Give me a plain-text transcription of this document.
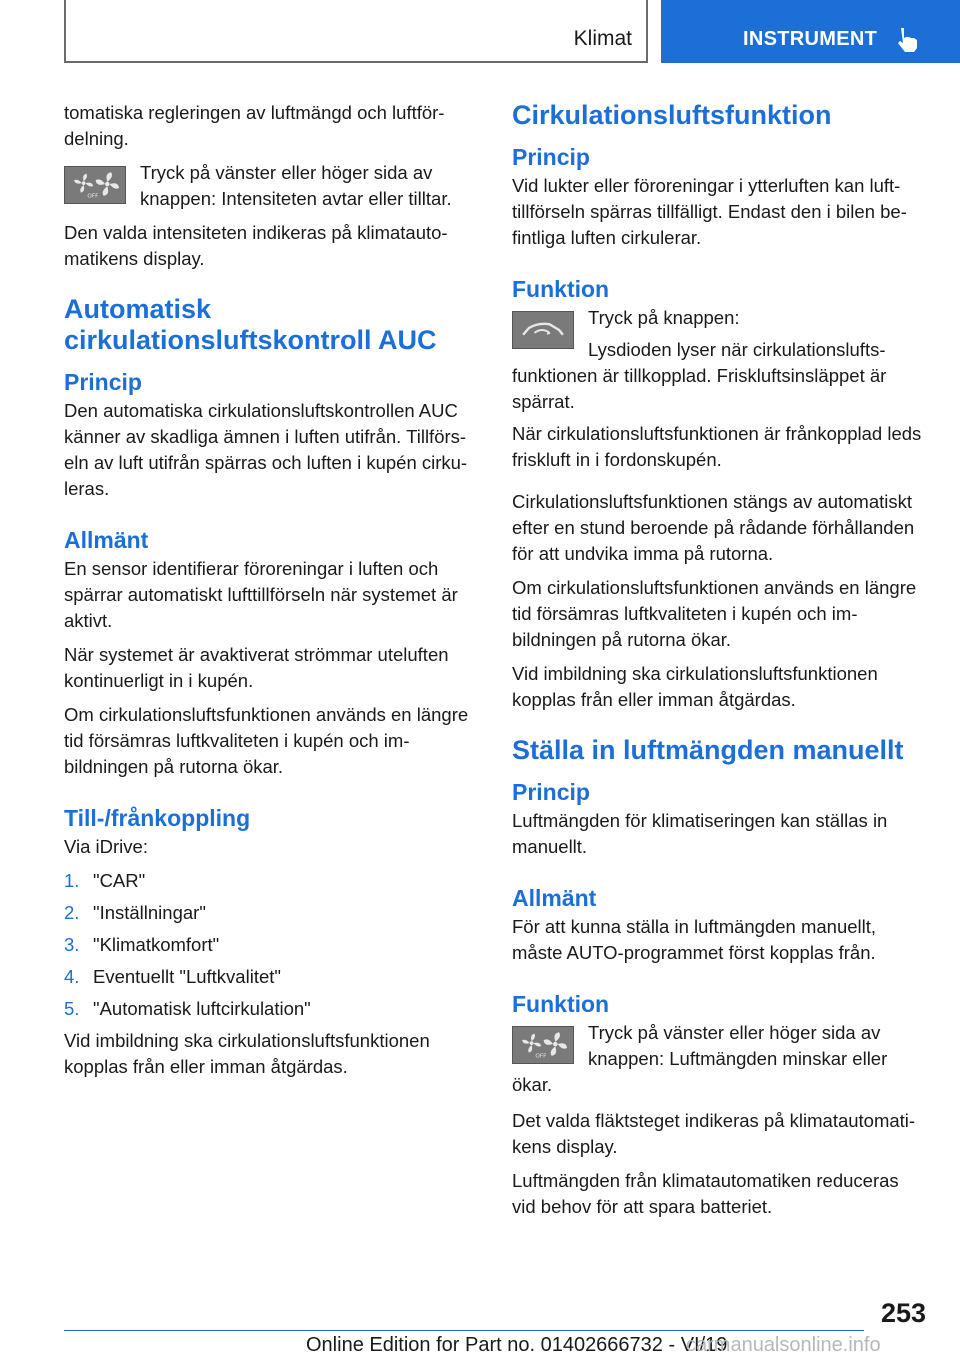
Klimat	INSTRUMENT

tomatiska regleringen av luftmängd och luftför-delning.

OFF

Tryck på vänster eller höger sida av knappen: Intensiteten avtar eller tilltar.

Den valda intensiteten indikeras på klimatauto-matikens display.

Automatisk cirkulationsluftskontroll AUC
Princip

Den automatiska cirkulationsluftskontrollen AUC känner av skadliga ämnen i luften utifrån. Tillförs-eln av luft utifrån spärras och luften i kupén cirku-leras.

Allmänt

En sensor identifierar föroreningar i luften och spärrar automatiskt lufttillförseln när systemet är aktivt.

När systemet är avaktiverat strömmar uteluften kontinuerligt in i kupén.

Om cirkulationsluftsfunktionen används en längre tid försämras luftkvaliteten i kupén och im-bildningen på rutorna ökar.

Till-/frånkoppling

Via iDrive:

1. "CAR"
2. "Inställningar"
3. "Klimatkomfort"
4. Eventuellt "Luftkvalitet"
5. "Automatisk luftcirkulation"

Vid imbildning ska cirkulationsluftsfunktionen kopplas från eller imman åtgärdas.

Cirkulationsluftsfunktion
Princip

Vid lukter eller föroreningar i ytterluften kan luft-tillförseln spärras tillfälligt. Endast den i bilen be-fintliga luften cirkulerar.

Funktion

Tryck på knappen:

Lysdioden lyser när cirkulationslufts-funktionen är tillkopplad. Friskluftsinsläppet är spärrat.

När cirkulationsluftsfunktionen är frånkopplad leds friskluft in i fordonskupén.

Cirkulationsluftsfunktionen stängs av automatiskt efter en stund beroende på rådande förhållanden för att undvika imma på rutorna.

Om cirkulationsluftsfunktionen används en längre tid försämras luftkvaliteten i kupén och im-bildningen på rutorna ökar.

Vid imbildning ska cirkulationsluftsfunktionen kopplas från eller imman åtgärdas.

Ställa in luftmängden manuellt
Princip

Luftmängden för klimatiseringen kan ställas in manuellt.

Allmänt

För att kunna ställa in luftmängden manuellt, måste AUTO-programmet först kopplas från.

Funktion
OFF

Tryck på vänster eller höger sida av knappen: Luftmängden minskar eller ökar.

Det valda fläktsteget indikeras på klimatautomati-kens display.

Luftmängden från klimatautomatiken reduceras vid behov för att spara batteriet.

253
Online Edition for Part no. 01402666732 - VI/19
carmanualsonline.info
